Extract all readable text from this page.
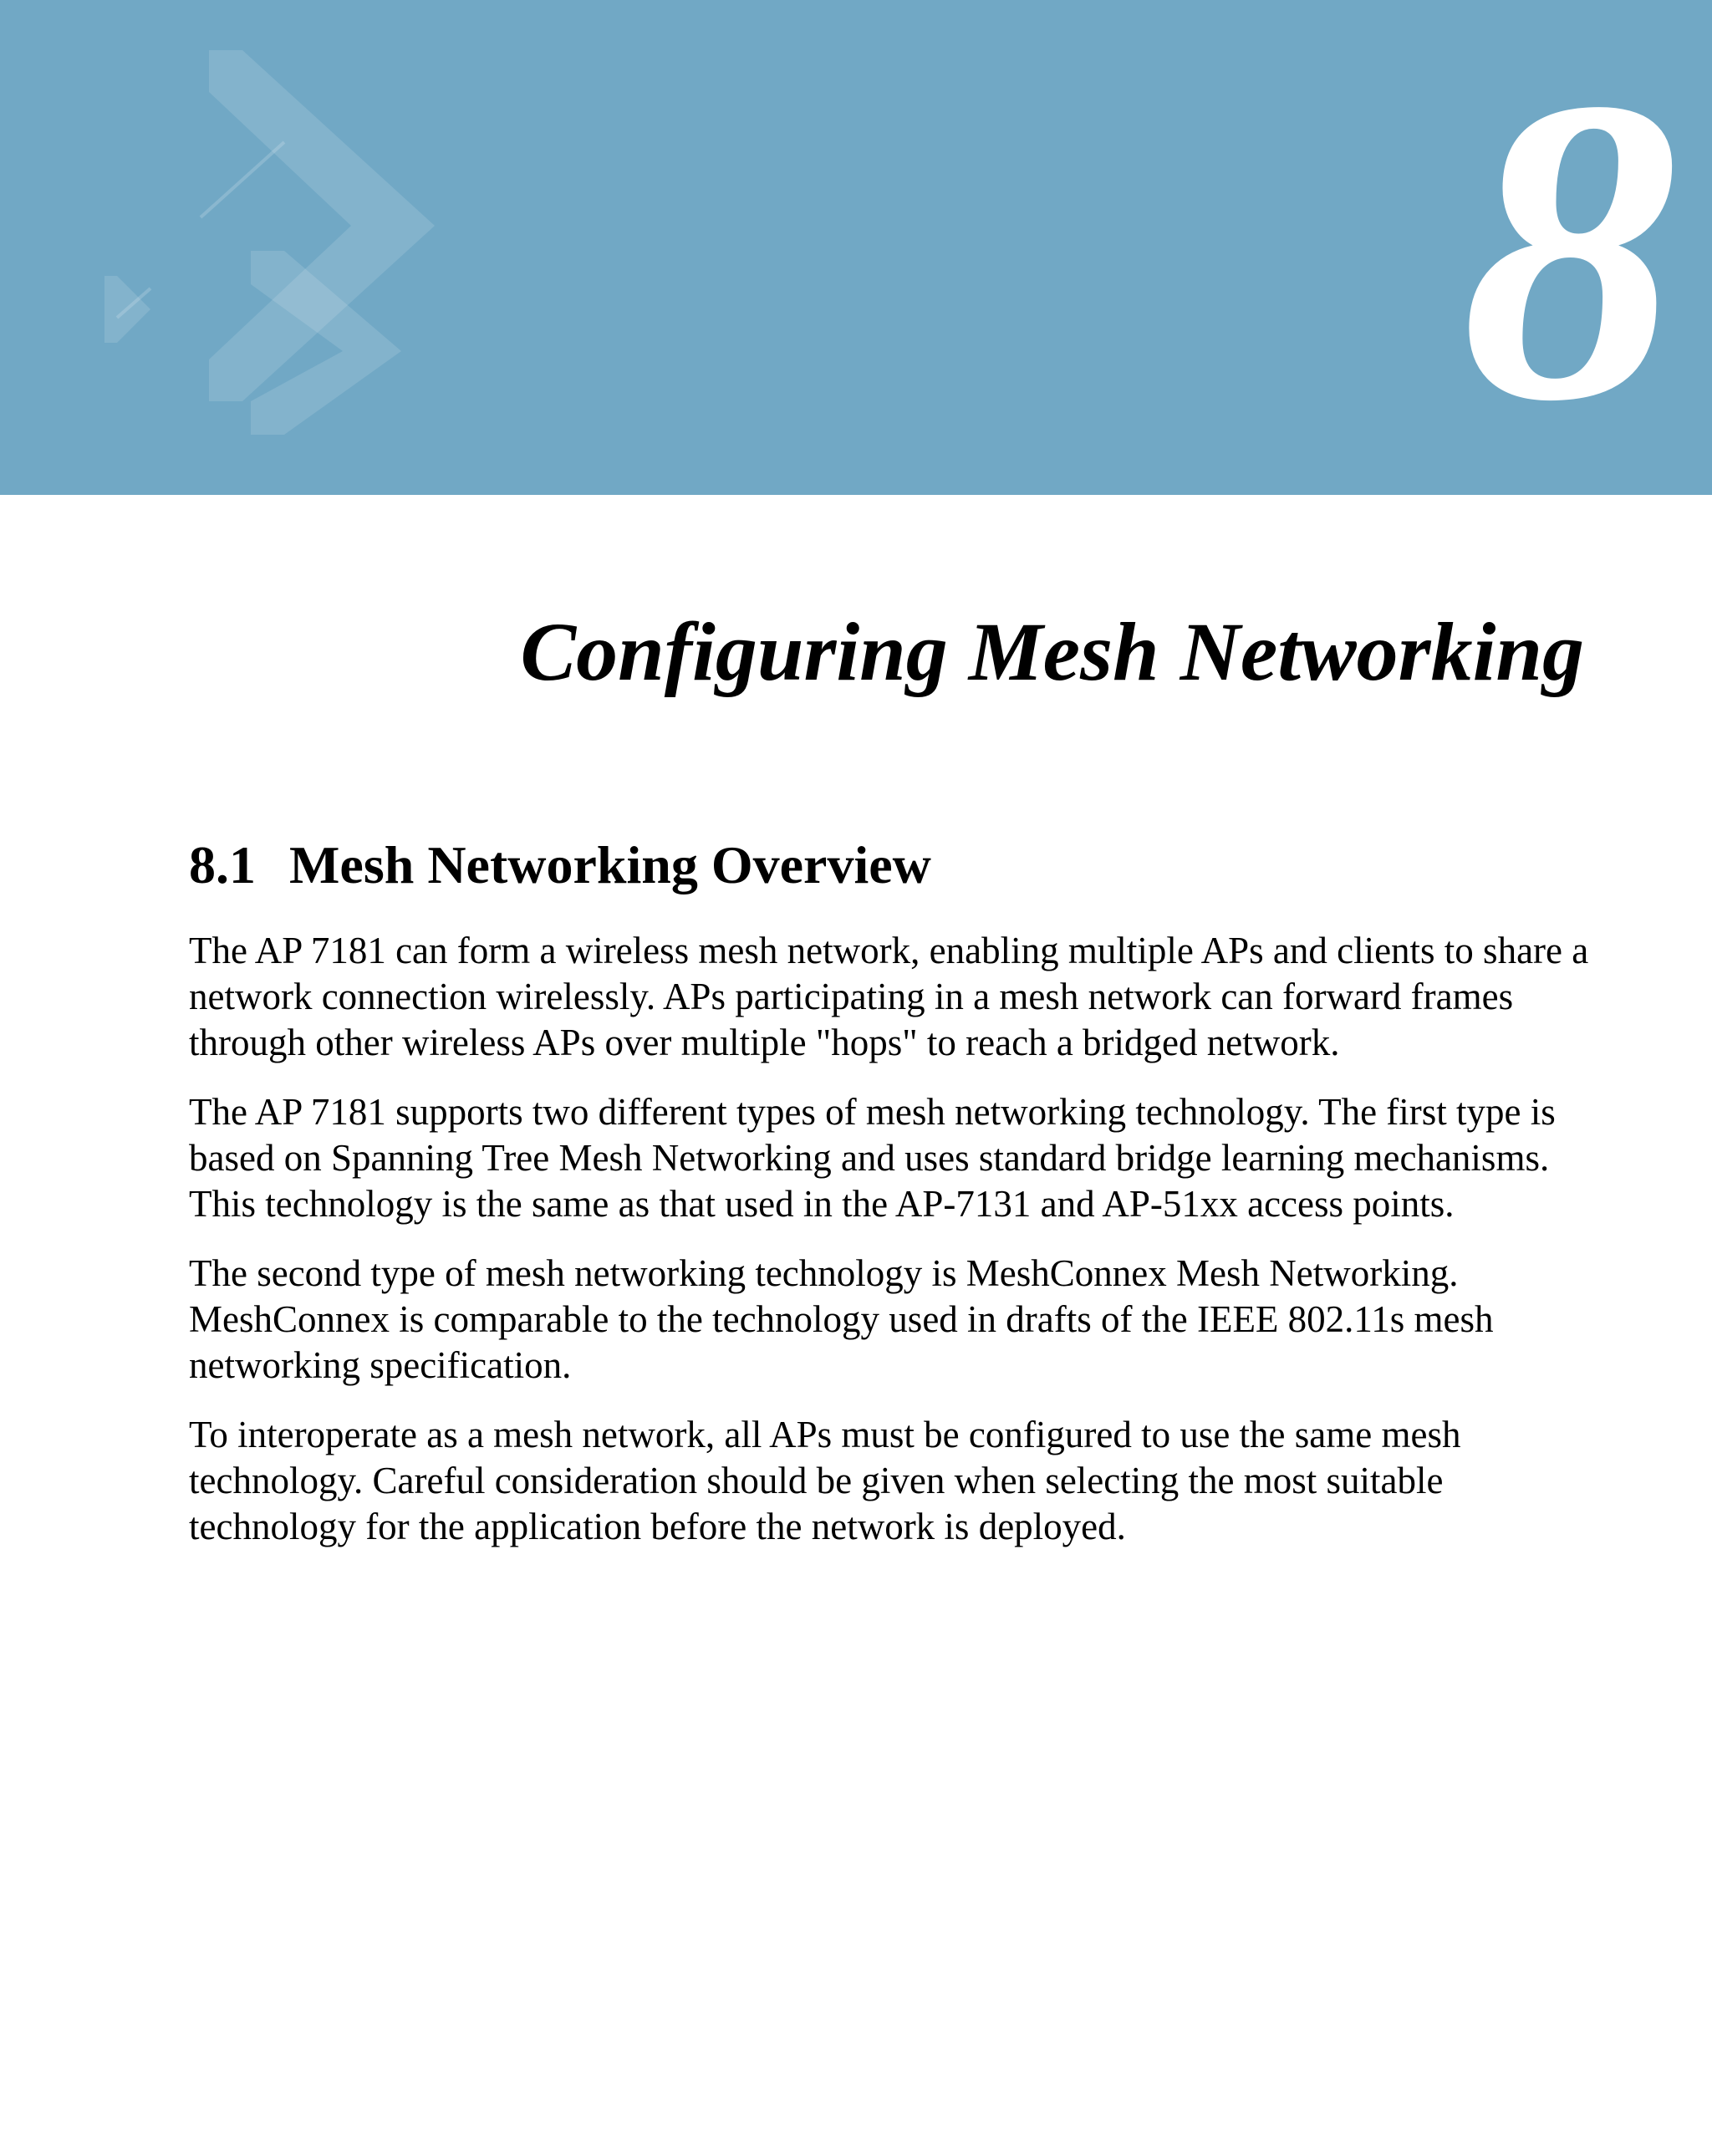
8
Configuring Mesh Networking
8.1 Mesh Networking Overview

The AP 7181 can form a wireless mesh network, enabling multiple APs and clients to share a network connection wirelessly. APs participating in a mesh network can forward frames through other wireless APs over multiple "hops" to reach a bridged network.

The AP 7181 supports two different types of mesh networking technology. The first type is based on Spanning Tree Mesh Networking and uses standard bridge learning mechanisms. This technology is the same as that used in the AP-7131 and AP-51xx access points.

The second type of mesh networking technology is MeshConnex Mesh Networking. MeshConnex is comparable to the technology used in drafts of the IEEE 802.11s mesh networking specification.

To interoperate as a mesh network, all APs must be configured to use the same mesh technology. Careful consideration should be given when selecting the most suitable technology for the application before the network is deployed.
